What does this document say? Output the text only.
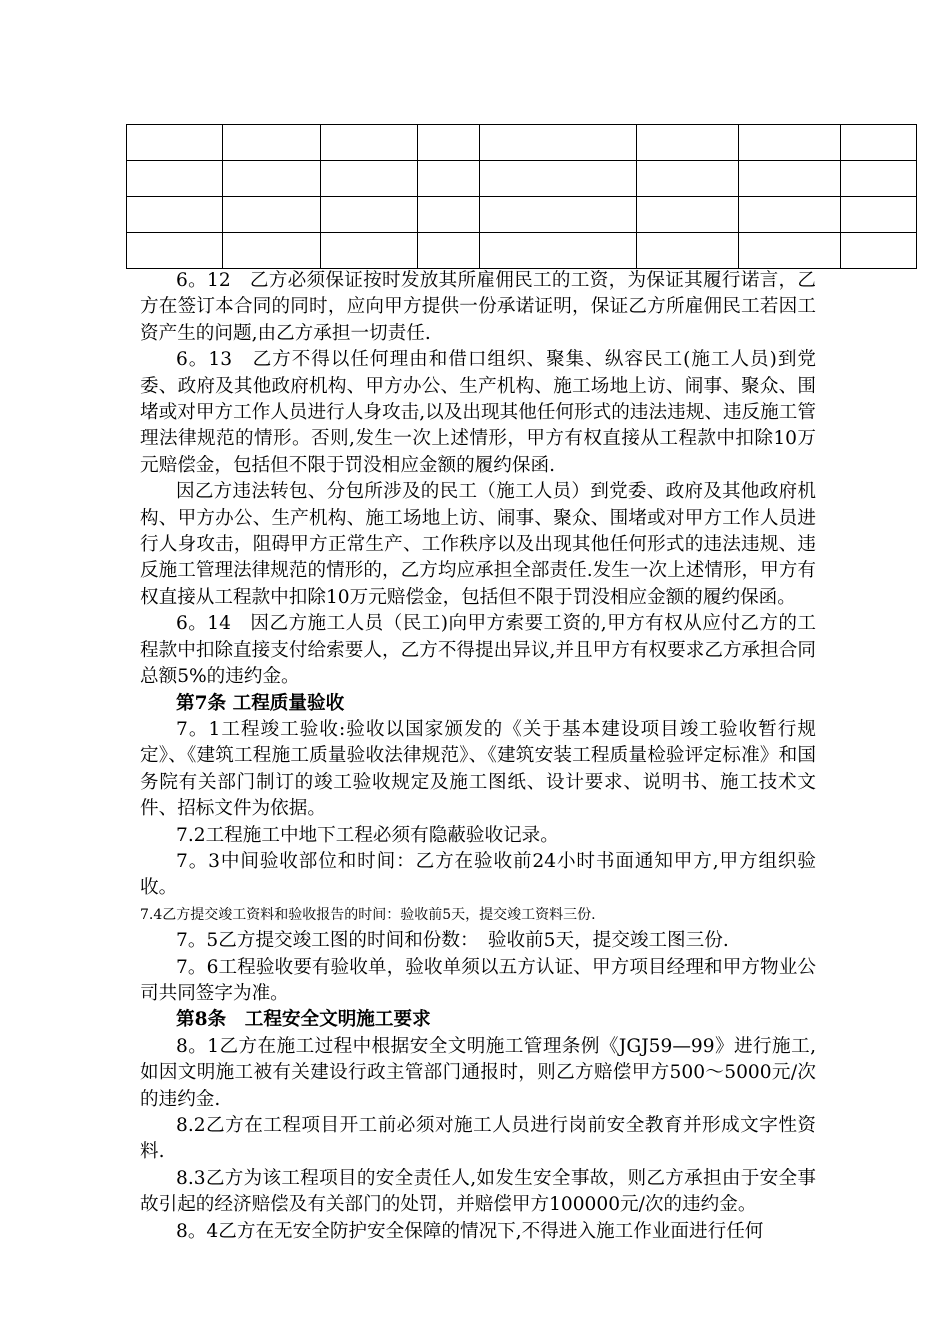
6。12　乙方必须保证按时发放其所雇佣民工的工资，为保证其履行诺言，乙方在签订本合同的同时，应向甲方提供一份承诺证明，保证乙方所雇佣民工若因工资产生的问题,由乙方承担一切责任.

6。13　乙方不得以任何理由和借口组织、聚集、纵容民工(施工人员)到党委、政府及其他政府机构、甲方办公、生产机构、施工场地上访、闹事、聚众、围堵或对甲方工作人员进行人身攻击,以及出现其他任何形式的违法违规、违反施工管理法律规范的情形。否则,发生一次上述情形，甲方有权直接从工程款中扣除10万元赔偿金，包括但不限于罚没相应金额的履约保函.

因乙方违法转包、分包所涉及的民工（施工人员）到党委、政府及其他政府机构、甲方办公、生产机构、施工场地上访、闹事、聚众、围堵或对甲方工作人员进行人身攻击，阻碍甲方正常生产、工作秩序以及出现其他任何形式的违法违规、违反施工管理法律规范的情形的，乙方均应承担全部责任.发生一次上述情形，甲方有权直接从工程款中扣除10万元赔偿金，包括但不限于罚没相应金额的履约保函。

6。14　因乙方施工人员（民工)向甲方索要工资的,甲方有权从应付乙方的工程款中扣除直接支付给索要人，乙方不得提出异议,并且甲方有权要求乙方承担合同总额5%的违约金。

第7条 工程质量验收

7。1工程竣工验收:验收以国家颁发的《关于基本建设项目竣工验收暂行规定》、《建筑工程施工质量验收法律规范》、《建筑安装工程质量检验评定标准》和国务院有关部门制订的竣工验收规定及施工图纸、设计要求、说明书、施工技术文件、招标文件为依据。

7.2工程施工中地下工程必须有隐蔽验收记录。

7。3中间验收部位和时间：乙方在验收前24小时书面通知甲方,甲方组织验收。

7.4乙方提交竣工资料和验收报告的时间：验收前5天，提交竣工资料三份.

7。5乙方提交竣工图的时间和份数：　验收前5天，提交竣工图三份.

7。6工程验收要有验收单，验收单须以五方认证、甲方项目经理和甲方物业公司共同签字为准。

第8条　工程安全文明施工要求

8。1乙方在施工过程中根据安全文明施工管理条例《JGJ59—99》进行施工,如因文明施工被有关建设行政主管部门通报时，则乙方赔偿甲方500～5000元/次的违约金.

8.2乙方在工程项目开工前必须对施工人员进行岗前安全教育并形成文字性资料.

8.3乙方为该工程项目的安全责任人,如发生安全事故，则乙方承担由于安全事故引起的经济赔偿及有关部门的处罚，并赔偿甲方100000元/次的违约金。

8。4乙方在无安全防护安全保障的情况下,不得进入施工作业面进行任何
